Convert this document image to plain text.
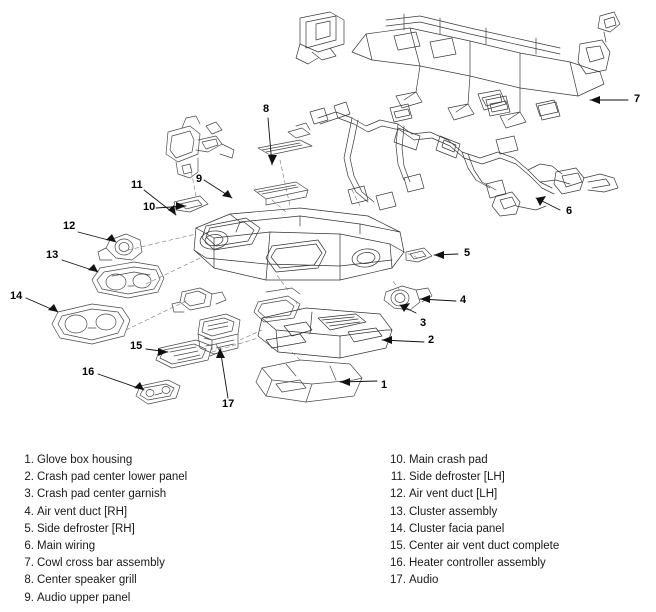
1
2
3
4
5
6
7
8
9
10
11
12
13
14
15
16
17
1. Glove box housing
2. Crash pad center lower panel
3. Crash pad center garnish
4. Air vent duct [RH]
5. Side defroster [RH]
6. Main wiring
7. Cowl cross bar assembly
8. Center speaker grill
9. Audio upper panel
10. Main crash pad
11. Side defroster [LH]
12. Air vent duct [LH]
13. Cluster assembly
14. Cluster facia panel
15. Center air vent duct complete
16. Heater controller assembly
17. Audio
